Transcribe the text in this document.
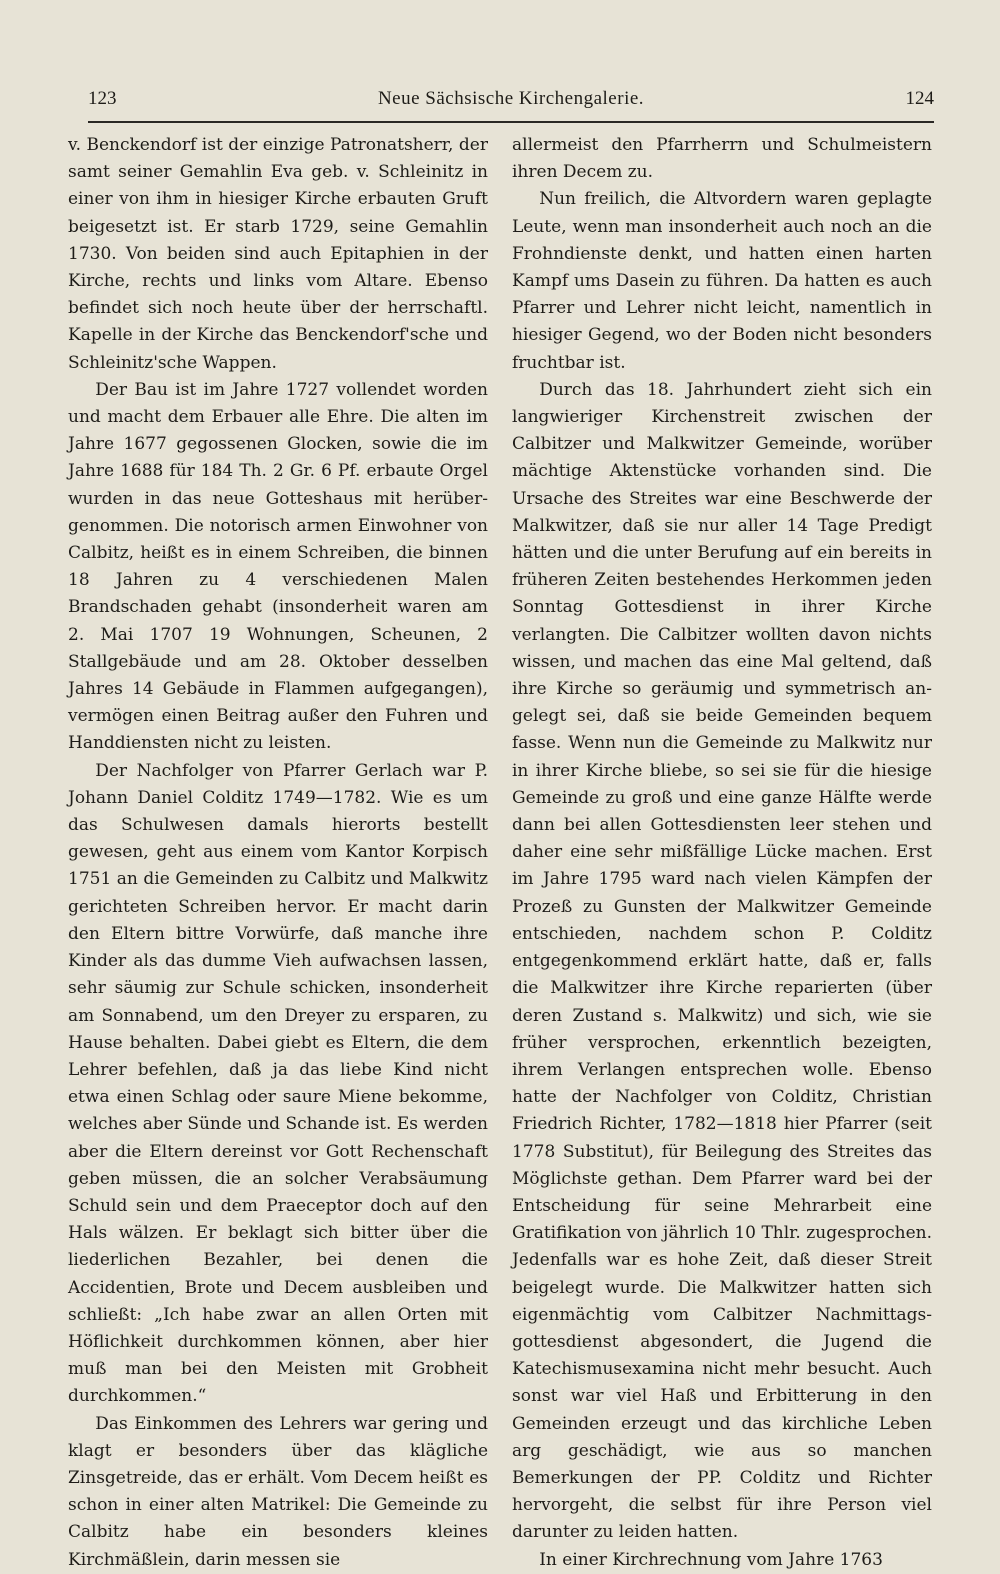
123	Neue Sächsische Kirchengalerie.	124

v. Benckendorf ist der einzige Patronatsherr, der samt seiner Gemahlin Eva geb. v. Schleinitz in einer von ihm in hiesiger Kirche erbauten Gruft beigesetzt ist. Er starb 1729, seine Gemahlin 1730. Von beiden sind auch Epitaphien in der Kirche, rechts und links vom Altare. Ebenso befindet sich noch heute über der herrschaftl. Kapelle in der Kirche das Benckendorf'sche und Schleinitz'sche Wappen.

Der Bau ist im Jahre 1727 vollendet worden und macht dem Erbauer alle Ehre. Die alten im Jahre 1677 gegossenen Glocken, sowie die im Jahre 1688 für 184 Th. 2 Gr. 6 Pf. erbaute Orgel wurden in das neue Gotteshaus mit herübergenommen. Die notorisch armen Einwohner von Calbitz, heißt es in einem Schreiben, die binnen 18 Jahren zu 4 verschiedenen Malen Brandschaden gehabt (insonderheit waren am 2. Mai 1707 19 Wohnungen, Scheunen, 2 Stallgebäude und am 28. Oktober desselben Jahres 14 Gebäude in Flammen aufgegangen), vermögen einen Beitrag außer den Fuhren und Handdiensten nicht zu leisten.

Der Nachfolger von Pfarrer Gerlach war P. Johann Daniel Colditz 1749—1782. Wie es um das Schulwesen damals hierorts bestellt gewesen, geht aus einem vom Kantor Korpisch 1751 an die Gemeinden zu Calbitz und Malkwitz gerichteten Schreiben hervor. Er macht darin den Eltern bittre Vorwürfe, daß manche ihre Kinder als das dumme Vieh aufwachsen lassen, sehr säumig zur Schule schicken, insonderheit am Sonnabend, um den Dreyer zu ersparen, zu Hause behalten. Dabei giebt es Eltern, die dem Lehrer befehlen, daß ja das liebe Kind nicht etwa einen Schlag oder saure Miene bekomme, welches aber Sünde und Schande ist. Es werden aber die Eltern dereinst vor Gott Rechenschaft geben müssen, die an solcher Verabsäumung Schuld sein und dem Praeceptor doch auf den Hals wälzen. Er beklagt sich bitter über die liederlichen Bezahler, bei denen die Accidentien, Brote und Decem ausbleiben und schließt: „Ich habe zwar an allen Orten mit Höflichkeit durchkommen können, aber hier muß man bei den Meisten mit Grobheit durchkommen.“

Das Einkommen des Lehrers war gering und klagt er besonders über das klägliche Zinsgetreide, das er erhält. Vom Decem heißt es schon in einer alten Matrikel: Die Gemeinde zu Calbitz habe ein besonders kleines Kirchmäßlein, darin messen sie

allermeist den Pfarrherrn und Schulmeistern ihren Decem zu.

Nun freilich, die Altvordern waren geplagte Leute, wenn man insonderheit auch noch an die Frohndienste denkt, und hatten einen harten Kampf ums Dasein zu führen. Da hatten es auch Pfarrer und Lehrer nicht leicht, namentlich in hiesiger Gegend, wo der Boden nicht besonders fruchtbar ist.

Durch das 18. Jahrhundert zieht sich ein langwieriger Kirchenstreit zwischen der Calbitzer und Malkwitzer Gemeinde, worüber mächtige Aktenstücke vorhanden sind. Die Ursache des Streites war eine Beschwerde der Malkwitzer, daß sie nur aller 14 Tage Predigt hätten und die unter Berufung auf ein bereits in früheren Zeiten bestehendes Herkommen jeden Sonntag Gottesdienst in ihrer Kirche verlangten. Die Calbitzer wollten davon nichts wissen, und machen das eine Mal geltend, daß ihre Kirche so geräumig und symmetrisch angelegt sei, daß sie beide Gemeinden bequem fasse. Wenn nun die Gemeinde zu Malkwitz nur in ihrer Kirche bliebe, so sei sie für die hiesige Gemeinde zu groß und eine ganze Hälfte werde dann bei allen Gottesdiensten leer stehen und daher eine sehr mißfällige Lücke machen. Erst im Jahre 1795 ward nach vielen Kämpfen der Prozeß zu Gunsten der Malkwitzer Gemeinde entschieden, nachdem schon P. Colditz entgegenkommend erklärt hatte, daß er, falls die Malkwitzer ihre Kirche reparierten (über deren Zustand s. Malkwitz) und sich, wie sie früher versprochen, erkenntlich bezeigten, ihrem Verlangen entsprechen wolle. Ebenso hatte der Nachfolger von Colditz, Christian Friedrich Richter, 1782—1818 hier Pfarrer (seit 1778 Substitut), für Beilegung des Streites das Möglichste gethan. Dem Pfarrer ward bei der Entscheidung für seine Mehrarbeit eine Gratifikation von jährlich 10 Thlr. zugesprochen. Jedenfalls war es hohe Zeit, daß dieser Streit beigelegt wurde. Die Malkwitzer hatten sich eigenmächtig vom Calbitzer Nachmittagsgottesdienst abgesondert, die Jugend die Katechismusexamina nicht mehr besucht. Auch sonst war viel Haß und Erbitterung in den Gemeinden erzeugt und das kirchliche Leben arg geschädigt, wie aus so manchen Bemerkungen der PP. Colditz und Richter hervorgeht, die selbst für ihre Person viel darunter zu leiden hatten.

In einer Kirchrechnung vom Jahre 1763
